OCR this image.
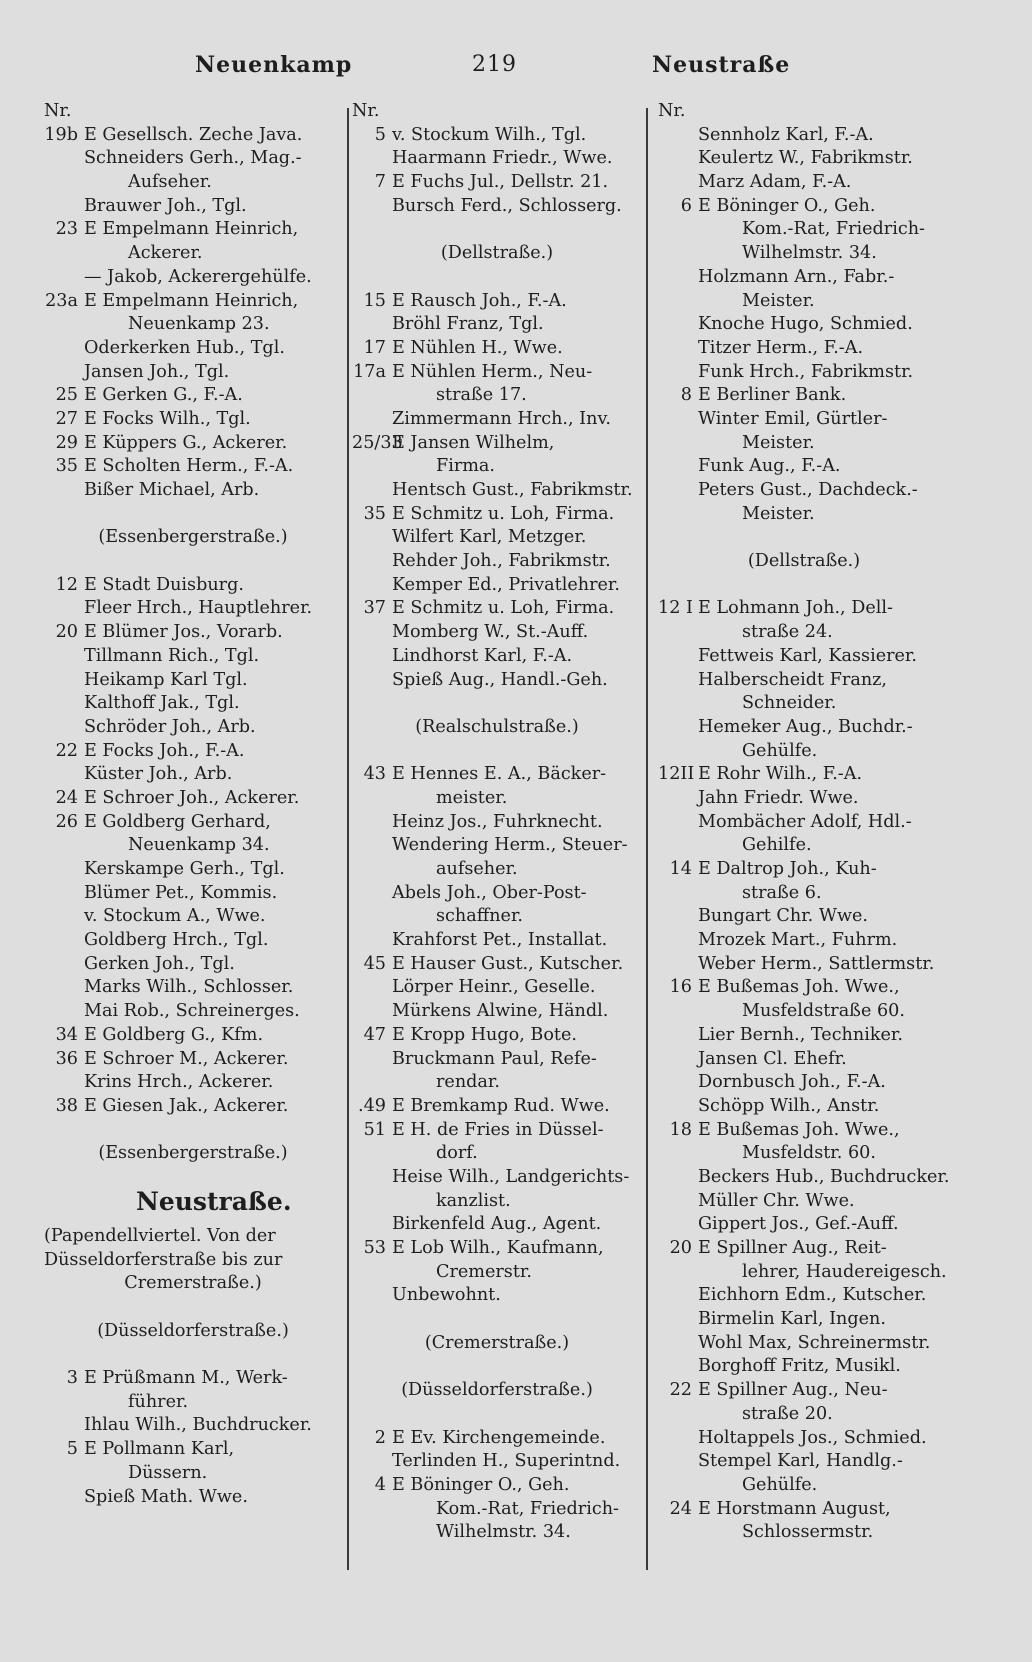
Neuenkamp	219	Neustraße
Nr.
19b E Gesellsch. Zeche Java.
Schneiders Gerh., Mag.-
Aufseher.
Brauwer Joh., Tgl.
23 E Empelmann Heinrich,
Ackerer.
— Jakob, Ackerergehülfe.
23a E Empelmann Heinrich,
Neuenkamp 23.
Oderkerken Hub., Tgl.
Jansen Joh., Tgl.
25 E Gerken G., F.-A.
27 E Focks Wilh., Tgl.
29 E Küppers G., Ackerer.
35 E Scholten Herm., F.-A.
Bißer Michael, Arb.
(Essenbergerstraße.)
12 E Stadt Duisburg.
Fleer Hrch., Hauptlehrer.
20 E Blümer Jos., Vorarb.
Tillmann Rich., Tgl.
Heikamp Karl Tgl.
Kalthoff Jak., Tgl.
Schröder Joh., Arb.
22 E Focks Joh., F.-A.
Küster Joh., Arb.
24 E Schroer Joh., Ackerer.
26 E Goldberg Gerhard,
Neuenkamp 34.
Kerskampe Gerh., Tgl.
Blümer Pet., Kommis.
v. Stockum A., Wwe.
Goldberg Hrch., Tgl.
Gerken Joh., Tgl.
Marks Wilh., Schlosser.
Mai Rob., Schreinerges.
34 E Goldberg G., Kfm.
36 E Schroer M., Ackerer.
Krins Hrch., Ackerer.
38 E Giesen Jak., Ackerer.
(Essenbergerstraße.)
Neustraße.
(Papendellviertel. Von der
Düsseldorferstraße bis zur
Cremerstraße.)
(Düsseldorferstraße.)
3 E Prüßmann M., Werk-
führer.
Ihlau Wilh., Buchdrucker.
5 E Pollmann Karl,
Düssern.
Spieß Math. Wwe.
Nr.
5 v. Stockum Wilh., Tgl.
Haarmann Friedr., Wwe.
7 E Fuchs Jul., Dellstr. 21.
Bursch Ferd., Schlosserg.
(Dellstraße.)
15 E Rausch Joh., F.-A.
Bröhl Franz, Tgl.
17 E Nühlen H., Wwe.
17a E Nühlen Herm., Neu-
straße 17.
Zimmermann Hrch., Inv.
25/33
E Jansen Wilhelm,
Firma.
Hentsch Gust., Fabrikmstr.
35 E Schmitz u. Loh, Firma.
Wilfert Karl, Metzger.
Rehder Joh., Fabrikmstr.
Kemper Ed., Privatlehrer.
37 E Schmitz u. Loh, Firma.
Momberg W., St.-Auff.
Lindhorst Karl, F.-A.
Spieß Aug., Handl.-Geh.
(Realschulstraße.)
43 E Hennes E. A., Bäcker-
meister.
Heinz Jos., Fuhrknecht.
Wendering Herm., Steuer-
aufseher.
Abels Joh., Ober-Post-
schaffner.
Krahforst Pet., Installat.
45 E Hauser Gust., Kutscher.
Lörper Heinr., Geselle.
Mürkens Alwine, Händl.
47 E Kropp Hugo, Bote.
Bruckmann Paul, Refe-
rendar.
.49 E Bremkamp Rud. Wwe.
51 E H. de Fries in Düssel-
dorf.
Heise Wilh., Landgerichts-
kanzlist.
Birkenfeld Aug., Agent.
53 E Lob Wilh., Kaufmann,
Cremerstr.
Unbewohnt.
(Cremerstraße.)
(Düsseldorferstraße.)
2 E Ev. Kirchengemeinde.
Terlinden H., Superintnd.
4 E Böninger O., Geh.
Kom.-Rat, Friedrich-
Wilhelmstr. 34.
Nr.
Sennholz Karl, F.-A.
Keulertz W., Fabrikmstr.
Marz Adam, F.-A.
6 E Böninger O., Geh.
Kom.-Rat, Friedrich-
Wilhelmstr. 34.
Holzmann Arn., Fabr.-
Meister.
Knoche Hugo, Schmied.
Titzer Herm., F.-A.
Funk Hrch., Fabrikmstr.
8 E Berliner Bank.
Winter Emil, Gürtler-
Meister.
Funk Aug., F.-A.
Peters Gust., Dachdeck.-
Meister.
(Dellstraße.)
12 I E Lohmann Joh., Dell-
straße 24.
Fettweis Karl, Kassierer.
Halberscheidt Franz,
Schneider.
Hemeker Aug., Buchdr.-
Gehülfe.
12II E Rohr Wilh., F.-A.
Jahn Friedr. Wwe.
Mombächer Adolf, Hdl.-
Gehilfe.
14 E Daltrop Joh., Kuh-
straße 6.
Bungart Chr. Wwe.
Mrozek Mart., Fuhrm.
Weber Herm., Sattlermstr.
16 E Bußemas Joh. Wwe.,
Musfeldstraße 60.
Lier Bernh., Techniker.
Jansen Cl. Ehefr.
Dornbusch Joh., F.-A.
Schöpp Wilh., Anstr.
18 E Bußemas Joh. Wwe.,
Musfeldstr. 60.
Beckers Hub., Buchdrucker.
Müller Chr. Wwe.
Gippert Jos., Gef.-Auff.
20 E Spillner Aug., Reit-
lehrer, Haudereigesch.
Eichhorn Edm., Kutscher.
Birmelin Karl, Ingen.
Wohl Max, Schreinermstr.
Borghoff Fritz, Musikl.
22 E Spillner Aug., Neu-
straße 20.
Holtappels Jos., Schmied.
Stempel Karl, Handlg.-
Gehülfe.
24 E Horstmann August,
Schlossermstr.
